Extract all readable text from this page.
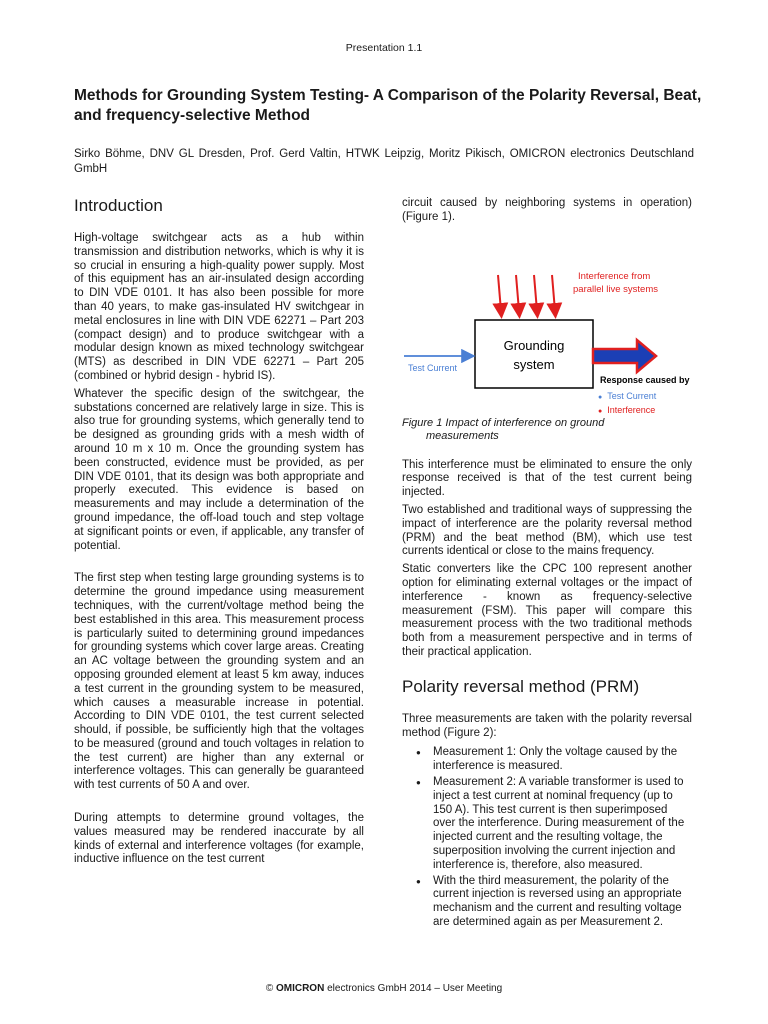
Presentation 1.1
Methods for Grounding System Testing- A Comparison of the Polarity Reversal, Beat, and frequency-selective Method
Sirko Böhme, DNV GL Dresden, Prof. Gerd Valtin, HTWK Leipzig, Moritz Pikisch, OMICRON electronics Deutschland GmbH
Introduction

High-voltage switchgear acts as a hub within transmission and distribution networks, which is why it is so crucial in ensuring a high-quality power supply. Most of this equipment has an air-insulated design according to DIN VDE 0101. It has also been possible for more than 40 years, to make gas-insulated HV switchgear in metal enclosures in line with DIN VDE 62271 – Part 203 (compact design) and to produce switchgear with a modular design known as mixed technology switchgear (MTS) as described in DIN VDE 62271 – Part 205 (combined or hybrid design - hybrid IS).

Whatever the specific design of the switchgear, the substations concerned are relatively large in size. This is also true for grounding systems, which generally tend to be designed as grounding grids with a mesh width of around 10 m x 10 m. Once the grounding system has been constructed, evidence must be provided, as per DIN VDE 0101, that its design was both appropriate and properly executed. This evidence is based on measurements and may include a determination of the ground impedance, the off-load touch and step voltage at significant points or even, if applicable, any transfer of potential.

The first step when testing large grounding systems is to determine the ground impedance using measurement techniques, with the current/voltage method being the best established in this area. This measurement process is particularly suited to determining ground impedances for grounding systems which cover large areas. Creating an AC voltage between the grounding system and an opposing grounded element at least 5 km away, induces a test current in the grounding system to be measured, which causes a measurable increase in potential. According to DIN VDE 0101, the test current selected should, if possible, be sufficiently high that the voltages to be measured (ground and touch voltages in relation to the test current) are higher than any external or interference voltages. This can generally be guaranteed with test currents of 50 A and over.

During attempts to determine ground voltages, the values measured may be rendered inaccurate by all kinds of external and interference voltages (for example, inductive influence on the test current

circuit caused by neighboring systems in operation) (Figure 1).

Interference from
parallel live systems
Grounding
system
Test Current
Response caused by
● Test Current
● Interference
Figure 1 Impact of interference on ground
measurements

This interference must be eliminated to ensure the only response received is that of the test current being injected.

Two established and traditional ways of suppressing the impact of interference are the polarity reversal method (PRM) and the beat method (BM), which use test currents identical or close to the mains frequency.

Static converters like the CPC 100 represent another option for eliminating external voltages or the impact of interference - known as frequency-selective measurement (FSM). This paper will compare this measurement process with the two traditional methods both from a measurement perspective and in terms of their practical application.

Polarity reversal method (PRM)

Three measurements are taken with the polarity reversal method (Figure 2):

● Measurement 1: Only the voltage caused by the interference is measured.
● Measurement 2: A variable transformer is used to inject a test current at nominal frequency (up to 150 A). This test current is then superimposed over the interference. During measurement of the injected current and the resulting voltage, the superposition involving the current injection and interference is, therefore, also measured.
● With the third measurement, the polarity of the current injection is reversed using an appropriate mechanism and the current and resulting voltage are determined again as per Measurement 2.
© OMICRON electronics GmbH 2014 – User Meeting
